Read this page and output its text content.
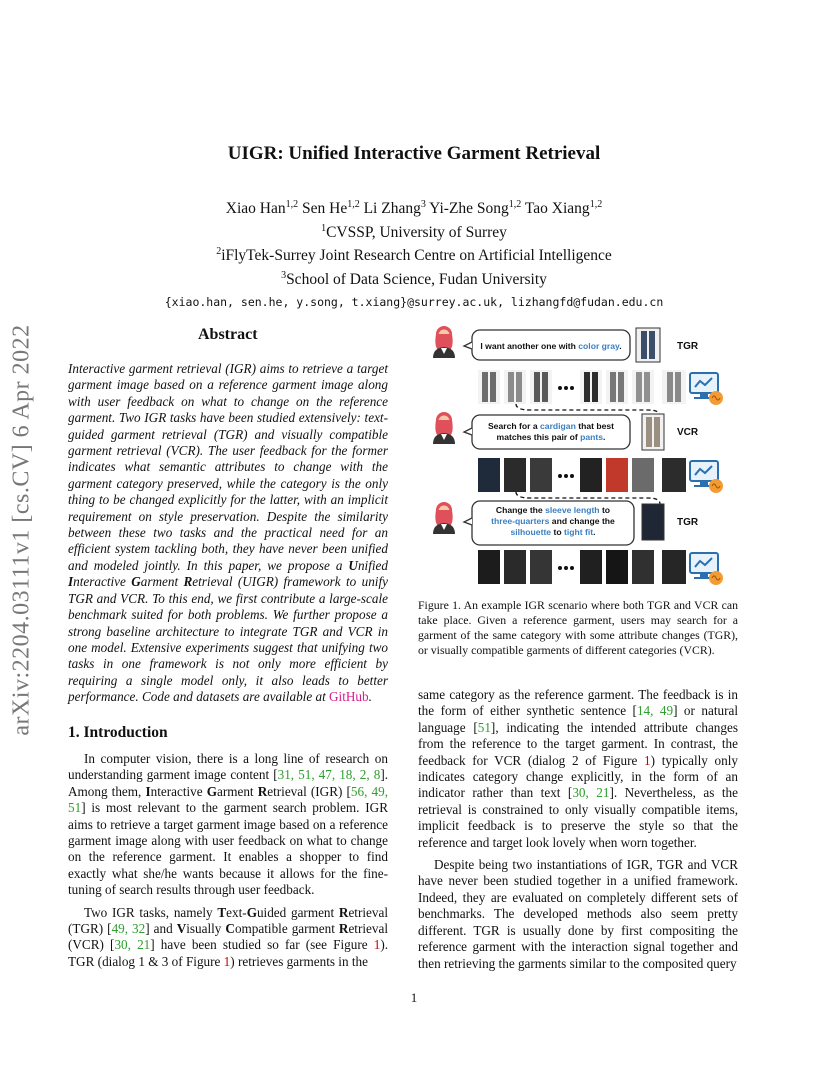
arXiv:2204.03111v1 [cs.CV] 6 Apr 2022
UIGR: Unified Interactive Garment Retrieval
Xiao Han$^{1,2}$ Sen He$^{1,2}$ Li Zhang$^3$ Yi-Zhe Song$^{1,2}$ Tao Xiang$^{1,2}$
$^1$CVSSP, University of Surrey
$^2$iFlyTek-Surrey Joint Research Centre on Artificial Intelligence
$^3$School of Data Science, Fudan University
{xiao.han, sen.he, y.song, t.xiang}@surrey.ac.uk, lizhangfd@fudan.edu.cn
Abstract
Interactive garment retrieval (IGR) aims to retrieve a target garment image based on a reference garment image along with user feedback on what to change on the reference garment. Two IGR tasks have been studied extensively: text-guided garment retrieval (TGR) and visually compatible garment retrieval (VCR). The user feedback for the former indicates what semantic attributes to change with the garment category preserved, while the category is the only thing to be changed explicitly for the latter, with an implicit requirement on style preservation. Despite the similarity between these two tasks and the practical need for an efficient system tackling both, they have never been unified and modeled jointly. In this paper, we propose a Unified Interactive Garment Retrieval (UIGR) framework to unify TGR and VCR. To this end, we first contribute a large-scale benchmark suited for both problems. We further propose a strong baseline architecture to integrate TGR and VCR in one model. Extensive experiments suggest that unifying two tasks in one framework is not only more efficient by requiring a single model only, it also leads to better performance. Code and datasets are available at GitHub.
1. Introduction

In computer vision, there is a long line of research on understanding garment image content [31, 51, 47, 18, 2, 8]. Among them, Interactive Garment Retrieval (IGR) [56, 49, 51] is most relevant to the garment search problem. IGR aims to retrieve a target garment image based on a reference garment image along with user feedback on what to change on the reference garment. It enables a shopper to find exactly what she/he wants because it allows for the fine-tuning of search results through user feedback.

Two IGR tasks, namely Text-Guided garment Retrieval (TGR) [49, 32] and Visually Compatible garment Retrieval (VCR) [30, 21] have been studied so far (see Figure 1). TGR (dialog 1 & 3 of Figure 1) retrieves garments in the

I want another one with color gray.	TGR
Search for a cardigan that best
matches this pair of pants.	VCR
Change the sleeve length to
three-quarters and change the
silhouette to tight fit.
TGR
Figure 1. An example IGR scenario where both TGR and VCR can take place. Given a reference garment, users may search for a garment of the same category with some attribute changes (TGR), or visually compatible garments of different categories (VCR).

same category as the reference garment. The feedback is in the form of either synthetic sentence [14, 49] or natural language [51], indicating the intended attribute changes from the reference to the target garment. In contrast, the feedback for VCR (dialog 2 of Figure 1) typically only indicates category change explicitly, in the form of an indicator rather than text [30, 21]. Nevertheless, as the retrieval is constrained to only visually compatible items, implicit feedback is to preserve the style so that the reference and target look lovely when worn together.

Despite being two instantiations of IGR, TGR and VCR have never been studied together in a unified framework. Indeed, they are evaluated on completely different sets of benchmarks. The developed methods also seem pretty different. TGR is usually done by first compositing the reference garment with the interaction signal together and then retrieving the garments similar to the composited query

1
